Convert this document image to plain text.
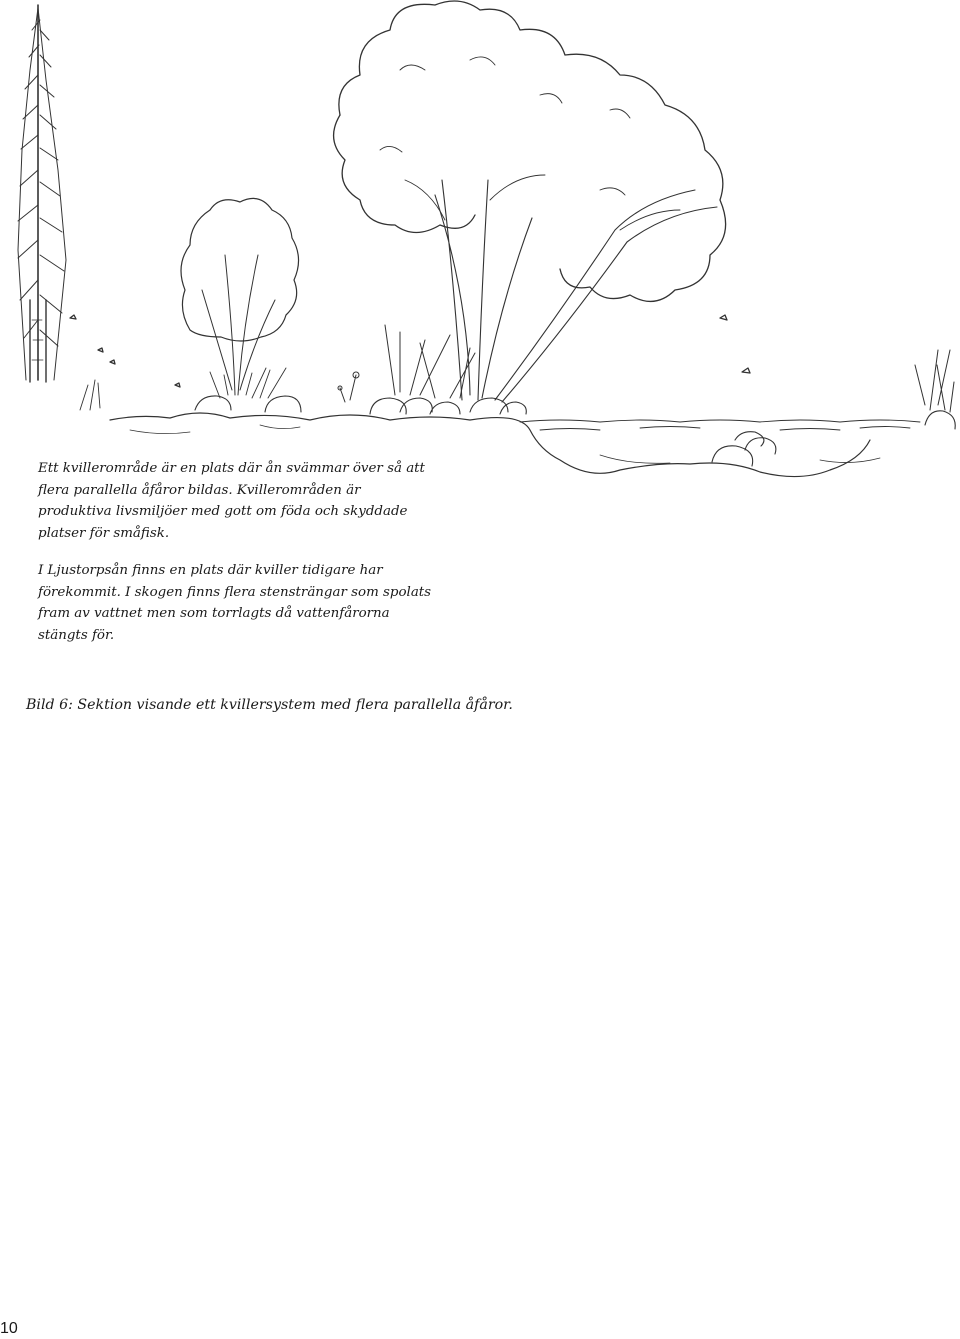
Ett kvillerområde är en plats där ån svämmar över så att flera parallella åfåror bildas. Kvillerområden är produktiva livsmiljöer med gott om föda och skyddade platser för småfisk.

I Ljustorpsån finns en plats där kviller tidigare har förekommit. I skogen finns flera stensträngar som spolats fram av vattnet men som torrlagts då vattenfårorna stängts för.

Bild 6: Sektion visande ett kvillersystem med flera parallella åfåror.

10
